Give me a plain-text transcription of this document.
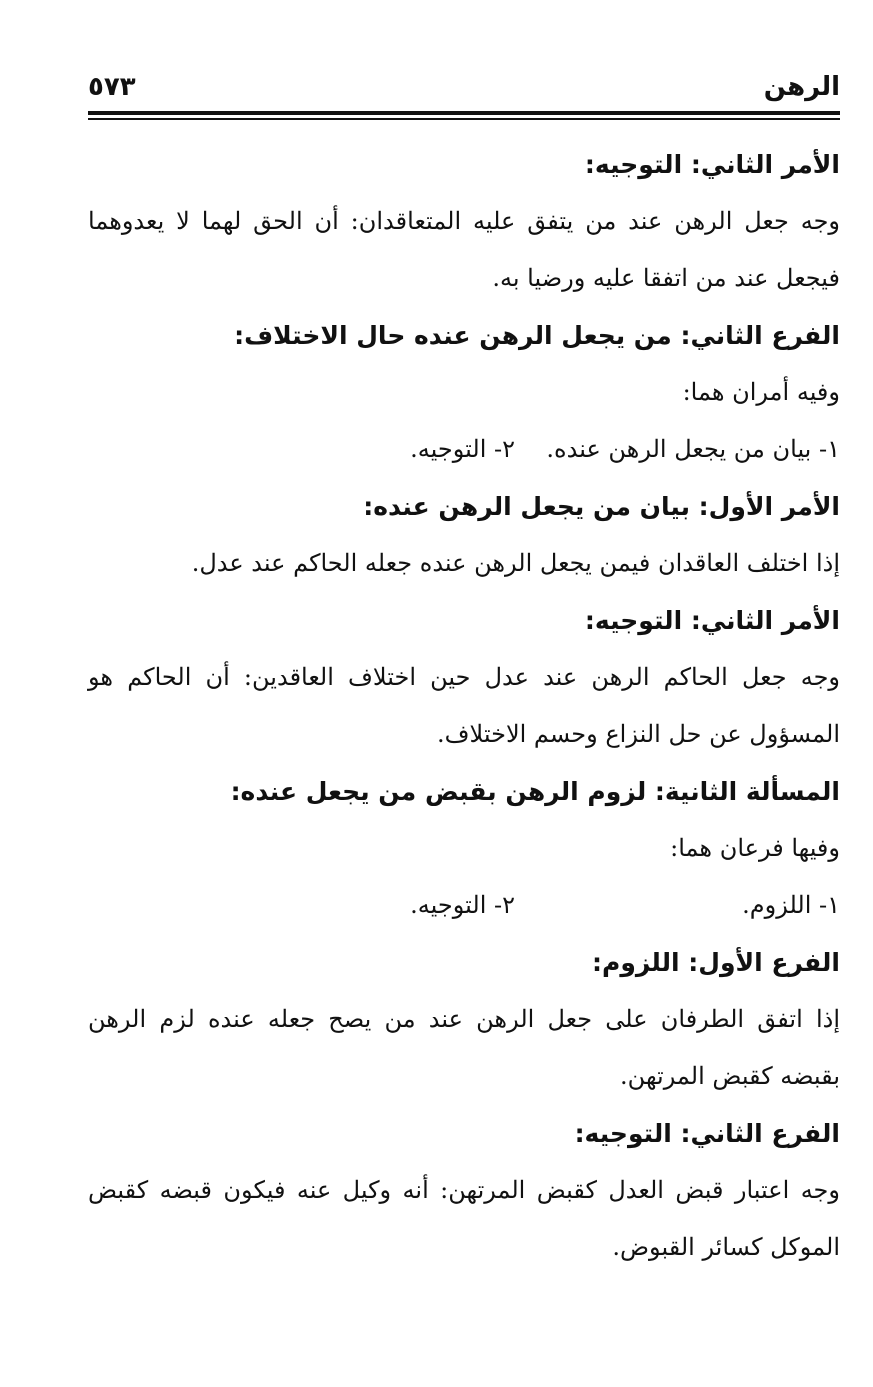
الرهن
٥٧٣

الأمر الثاني: التوجيه:

وجه جعل الرهن عند من يتفق عليه المتعاقدان: أن الحق لهما لا يعدوهما فيجعل عند من اتفقا عليه ورضيا به.

الفرع الثاني: من يجعل الرهن عنده حال الاختلاف:

وفيه أمران هما:

١- بيان من يجعل الرهن عنده.
٢- التوجيه.

الأمر الأول: بيان من يجعل الرهن عنده:

إذا اختلف العاقدان فيمن يجعل الرهن عنده جعله الحاكم عند عدل.

الأمر الثاني: التوجيه:

وجه جعل الحاكم الرهن عند عدل حين اختلاف العاقدين: أن الحاكم هو المسؤول عن حل النزاع وحسم الاختلاف.

المسألة الثانية: لزوم الرهن بقبض من يجعل عنده:

وفيها فرعان هما:

١- اللزوم.
٢- التوجيه.

الفرع الأول: اللزوم:

إذا اتفق الطرفان على جعل الرهن عند من يصح جعله عنده لزم الرهن بقبضه كقبض المرتهن.

الفرع الثاني: التوجيه:

وجه اعتبار قبض العدل كقبض المرتهن: أنه وكيل عنه فيكون قبضه كقبض الموكل كسائر القبوض.
